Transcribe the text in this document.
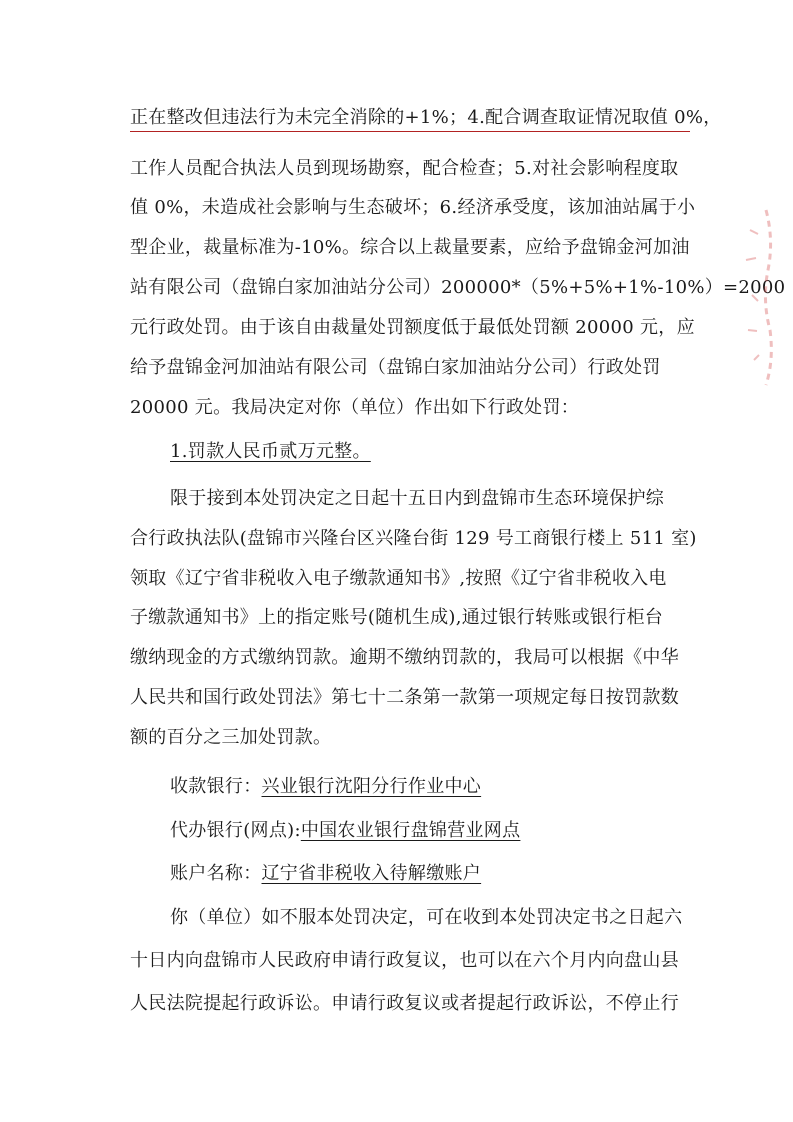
正在整改但违法行为未完全消除的+1%；4.配合调查取证情况取值 0%，
工作人员配合执法人员到现场勘察，配合检查；5.对社会影响程度取
值 0%，未造成社会影响与生态破坏；6.经济承受度，该加油站属于小
型企业，裁量标准为-10%。综合以上裁量要素，应给予盘锦金河加油
站有限公司（盘锦白家加油站分公司）200000*（5%+5%+1%-10%）=2000
元行政处罚。由于该自由裁量处罚额度低于最低处罚额 20000 元，应
给予盘锦金河加油站有限公司（盘锦白家加油站分公司）行政处罚
20000 元。我局决定对你（单位）作出如下行政处罚：
1.罚款人民币贰万元整。
限于接到本处罚决定之日起十五日内到盘锦市生态环境保护综
合行政执法队(盘锦市兴隆台区兴隆台街 129 号工商银行楼上 511 室)
领取《辽宁省非税收入电子缴款通知书》,按照《辽宁省非税收入电
子缴款通知书》上的指定账号(随机生成),通过银行转账或银行柜台
缴纳现金的方式缴纳罚款。逾期不缴纳罚款的，我局可以根据《中华
人民共和国行政处罚法》第七十二条第一款第一项规定每日按罚款数
额的百分之三加处罚款。
收款银行：兴业银行沈阳分行作业中心
代办银行(网点):中国农业银行盘锦营业网点
账户名称：辽宁省非税收入待解缴账户
你（单位）如不服本处罚决定，可在收到本处罚决定书之日起六
十日内向盘锦市人民政府申请行政复议，也可以在六个月内向盘山县
人民法院提起行政诉讼。申请行政复议或者提起行政诉讼，不停止行
